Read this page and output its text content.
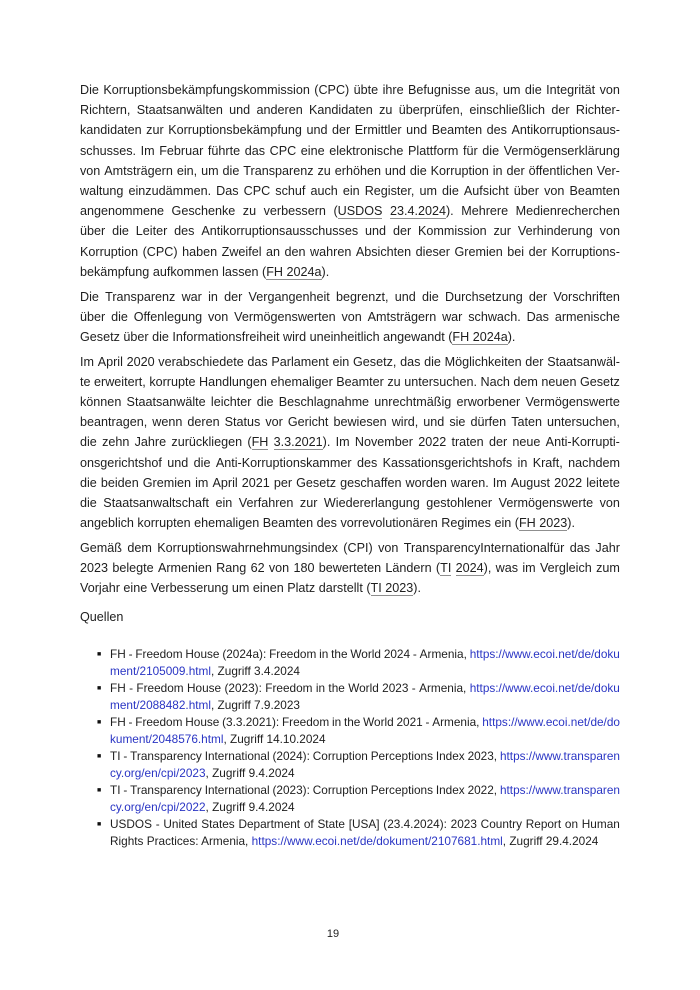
Die Korruptionsbekämpfungskommission (CPC) übte ihre Befugnisse aus, um die Integrität von
Richtern, Staatsanwälten und anderen Kandidaten zu überprüfen, einschließlich der Richter-
kandidaten zur Korruptionsbekämpfung und der Ermittler und Beamten des Antikorruptionsaus-
schusses. Im Februar führte das CPC eine elektronische Plattform für die Vermögenserklärung
von Amtsträgern ein, um die Transparenz zu erhöhen und die Korruption in der öffentlichen Ver-
waltung einzudämmen. Das CPC schuf auch ein Register, um die Aufsicht über von Beamten
angenommene Geschenke zu verbessern (USDOS 23.4.2024). Mehrere Medienrecherchen
über die Leiter des Antikorruptionsausschusses und der Kommission zur Verhinderung von
Korruption (CPC) haben Zweifel an den wahren Absichten dieser Gremien bei der Korruptions-
bekämpfung aufkommen lassen (FH 2024a).
Die Transparenz war in der Vergangenheit begrenzt, und die Durchsetzung der Vorschriften
über die Offenlegung von Vermögenswerten von Amtsträgern war schwach. Das armenische
Gesetz über die Informationsfreiheit wird uneinheitlich angewandt (FH 2024a).
Im April 2020 verabschiedete das Parlament ein Gesetz, das die Möglichkeiten der Staatsanwäl-
te erweitert, korrupte Handlungen ehemaliger Beamter zu untersuchen. Nach dem neuen Gesetz
können Staatsanwälte leichter die Beschlagnahme unrechtmäßig erworbener Vermögenswerte
beantragen, wenn deren Status vor Gericht bewiesen wird, und sie dürfen Taten untersuchen,
die zehn Jahre zurückliegen (FH 3.3.2021). Im November 2022 traten der neue Anti-Korrupti-
onsgerichtshof und die Anti-Korruptionskammer des Kassationsgerichtshofs in Kraft, nachdem
die beiden Gremien im April 2021 per Gesetz geschaffen worden waren. Im August 2022 leitete
die Staatsanwaltschaft ein Verfahren zur Wiedererlangung gestohlener Vermögenswerte von
angeblich korrupten ehemaligen Beamten des vorrevolutionären Regimes ein (FH 2023).
Gemäß dem Korruptionswahrnehmungsindex (CPI) von TransparencyInternationalfür das Jahr
2023 belegte Armenien Rang 62 von 180 bewerteten Ländern (TI 2024), was im Vergleich zum
Vorjahr eine Verbesserung um einen Platz darstellt (TI 2023).
Quellen
■ FH - Freedom House (2024a): Freedom in the World 2024 - Armenia, https://www.ecoi.net/de/doku
ment/2105009.html, Zugriff 3.4.2024
■ FH - Freedom House (2023): Freedom in the World 2023 - Armenia, https://www.ecoi.net/de/doku
ment/2088482.html, Zugriff 7.9.2023
■ FH - Freedom House (3.3.2021): Freedom in the World 2021 - Armenia, https://www.ecoi.net/de/do
kument/2048576.html, Zugriff 14.10.2024
■ TI - Transparency International (2024): Corruption Perceptions Index 2023, https://www.transparen
cy.org/en/cpi/2023, Zugriff 9.4.2024
■ TI - Transparency International (2023): Corruption Perceptions Index 2022, https://www.transparen
cy.org/en/cpi/2022, Zugriff 9.4.2024
■ USDOS - United States Department of State [USA] (23.4.2024): 2023 Country Report on Human
Rights Practices: Armenia, https://www.ecoi.net/de/dokument/2107681.html, Zugriff 29.4.2024
19
